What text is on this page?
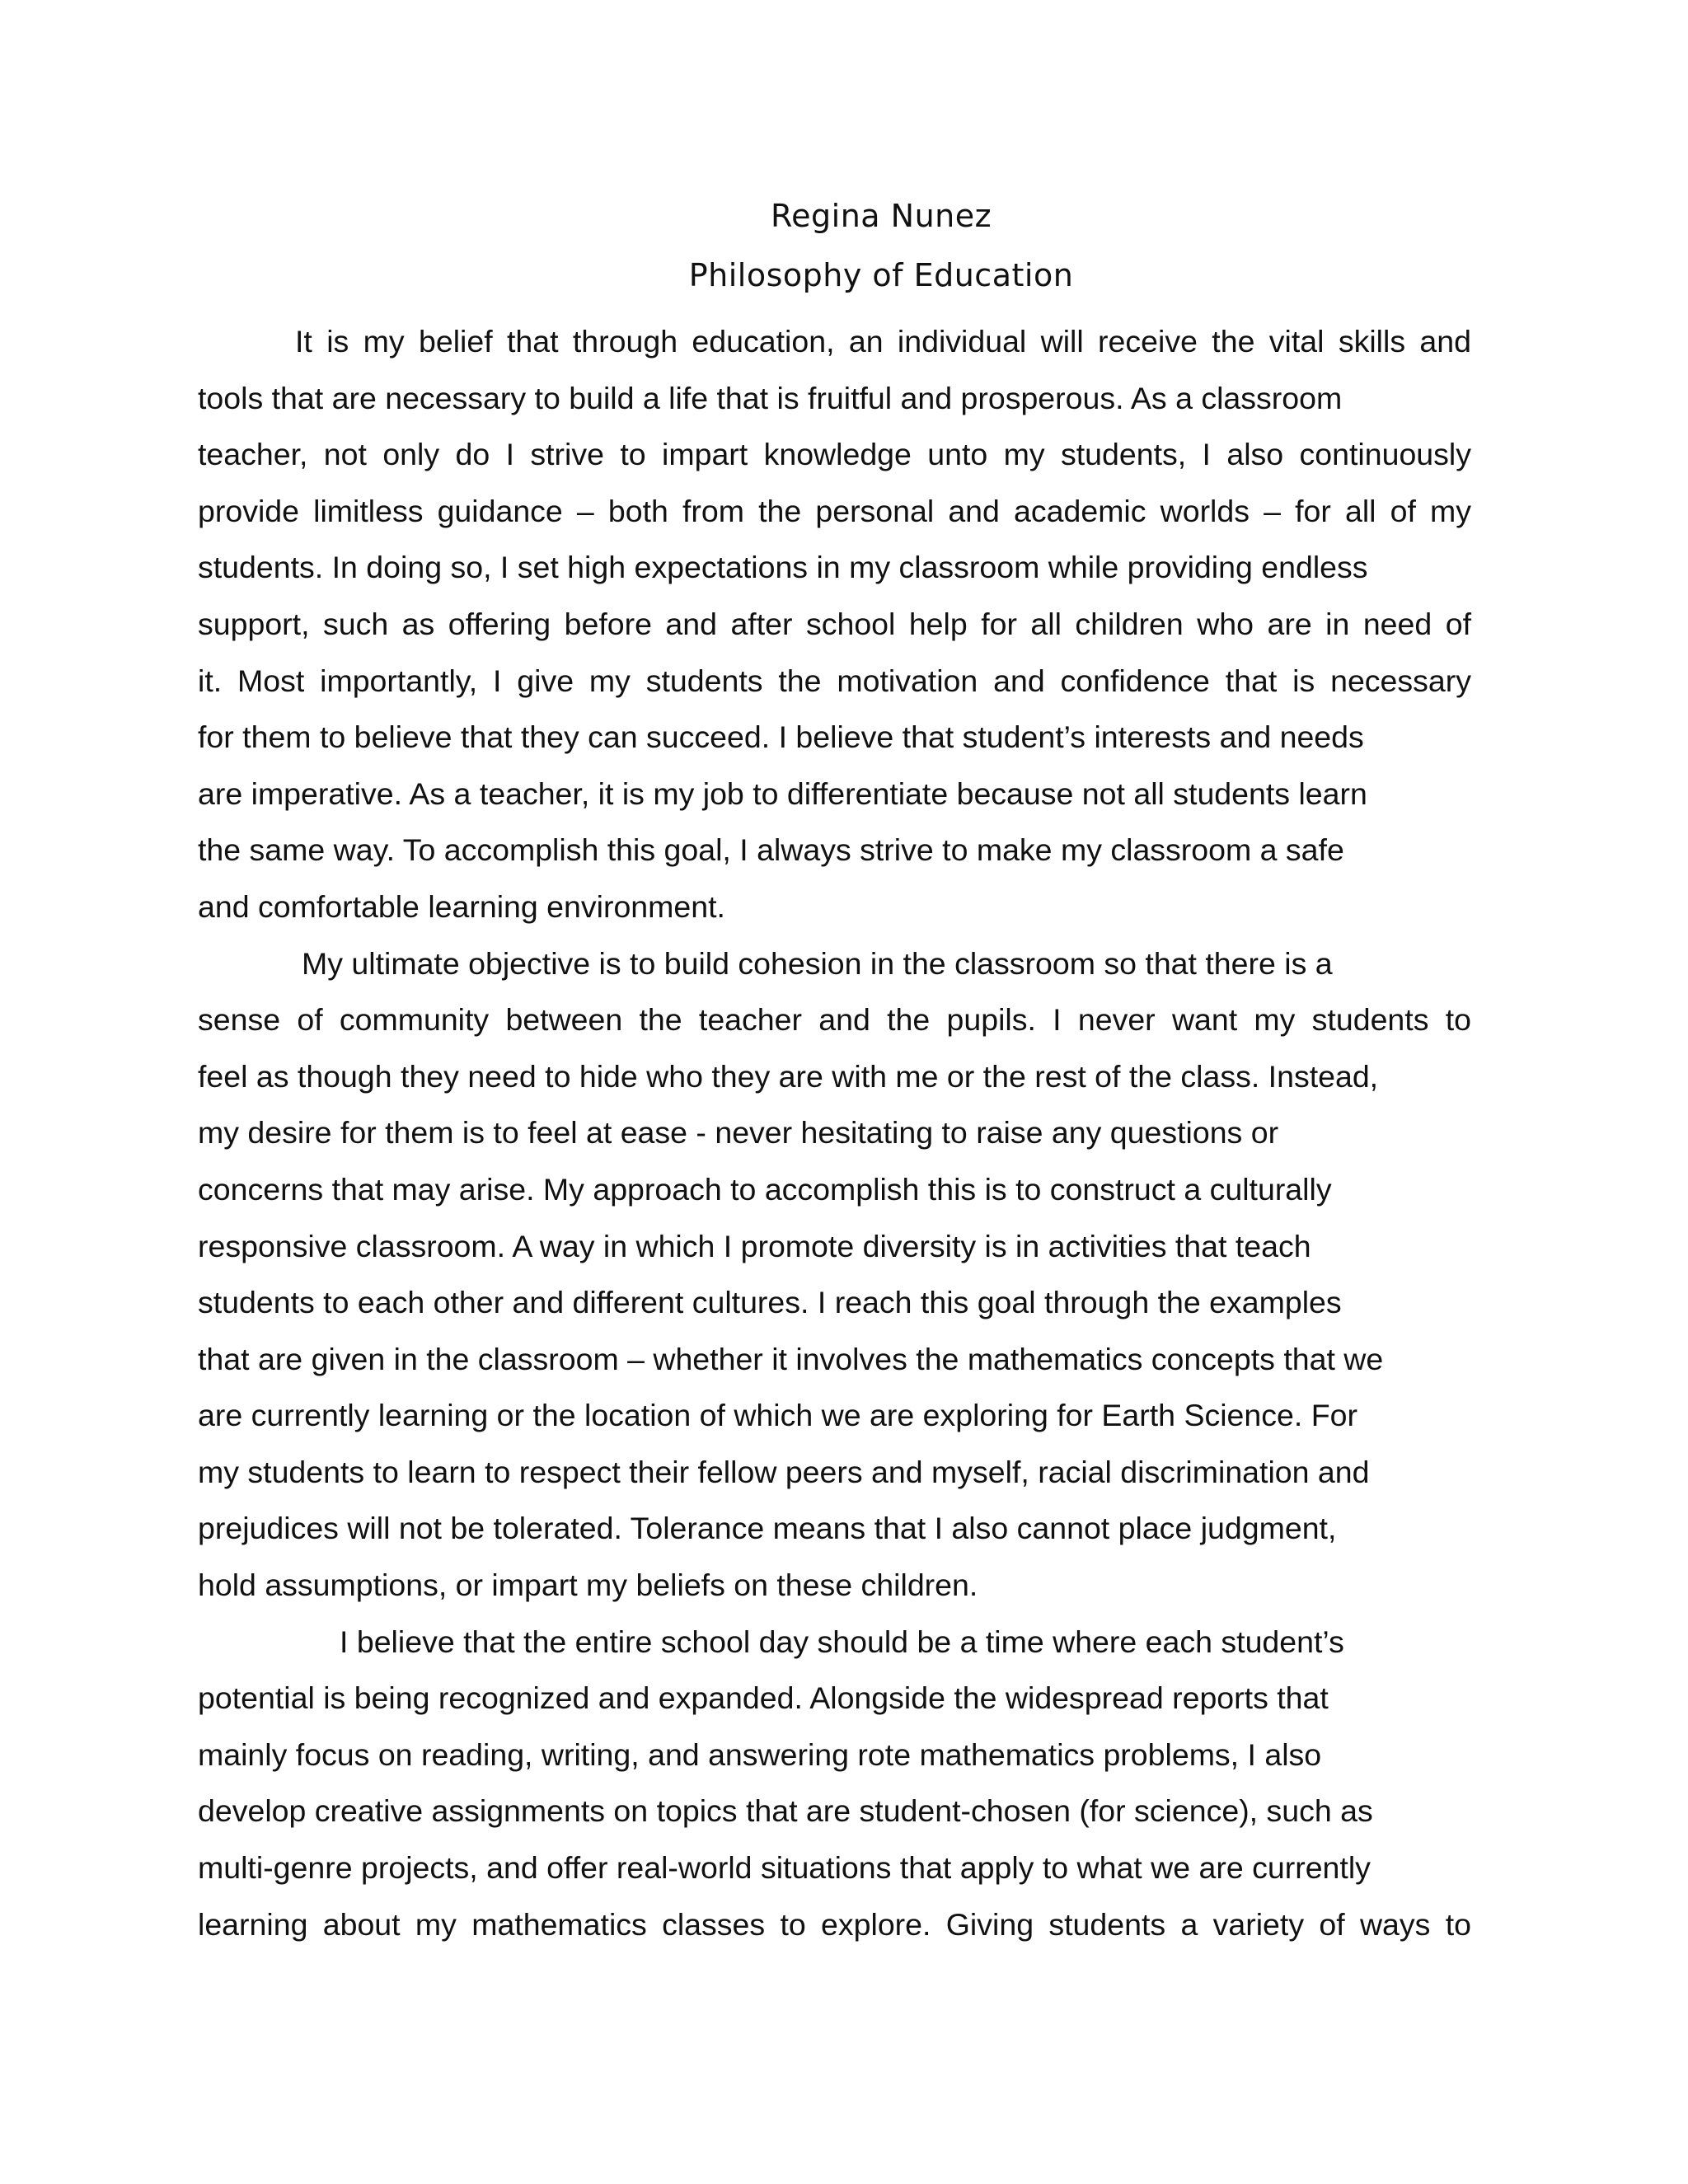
Regina Nunez
Philosophy of Education
It is my belief that through education, an individual will receive the vital skills and
tools that are necessary to build a life that is fruitful and prosperous. As a classroom
teacher, not only do I strive to impart knowledge unto my students, I also continuously
provide limitless guidance – both from the personal and academic worlds – for all of my
students. In doing so, I set high expectations in my classroom while providing endless
support, such as offering before and after school help for all children who are in need of
it. Most importantly, I give my students the motivation and confidence that is necessary
for them to believe that they can succeed. I believe that student’s interests and needs
are imperative. As a teacher, it is my job to differentiate because not all students learn
the same way. To accomplish this goal, I always strive to make my classroom a safe
and comfortable learning environment.
My ultimate objective is to build cohesion in the classroom so that there is a
sense of community between the teacher and the pupils. I never want my students to
feel as though they need to hide who they are with me or the rest of the class. Instead,
my desire for them is to feel at ease - never hesitating to raise any questions or
concerns that may arise. My approach to accomplish this is to construct a culturally
responsive classroom. A way in which I promote diversity is in activities that teach
students to each other and different cultures. I reach this goal through the examples
that are given in the classroom – whether it involves the mathematics concepts that we
are currently learning or the location of which we are exploring for Earth Science. For
my students to learn to respect their fellow peers and myself, racial discrimination and
prejudices will not be tolerated. Tolerance means that I also cannot place judgment,
hold assumptions, or impart my beliefs on these children.
I believe that the entire school day should be a time where each student’s
potential is being recognized and expanded. Alongside the widespread reports that
mainly focus on reading, writing, and answering rote mathematics problems, I also
develop creative assignments on topics that are student-chosen (for science), such as
multi-genre projects, and offer real-world situations that apply to what we are currently
learning about my mathematics classes to explore. Giving students a variety of ways to
